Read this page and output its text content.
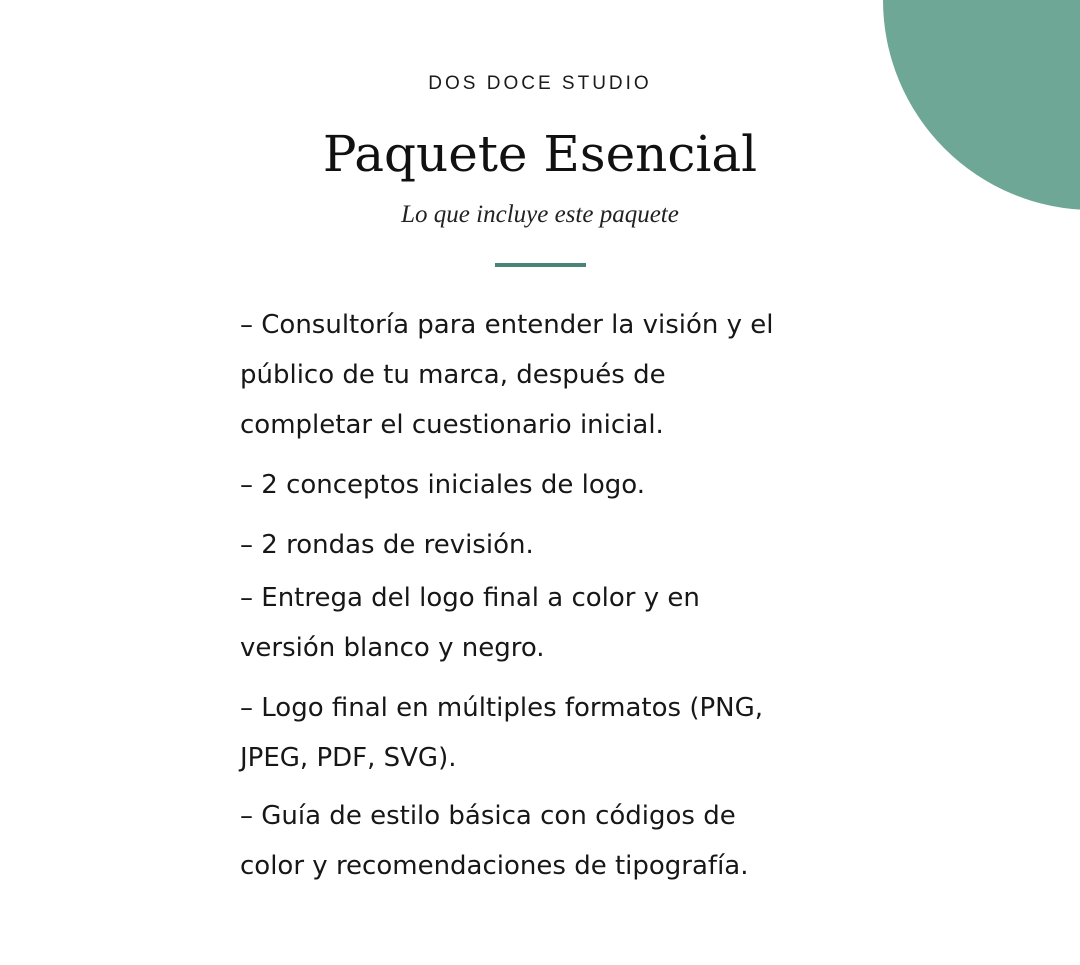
DOS DOCE STUDIO
Paquete Esencial
Lo que incluye este paquete

– Consultoría para entender la visión y el
público de tu marca, después de
completar el cuestionario inicial.

– 2 conceptos iniciales de logo.

– 2 rondas de revisión.

– Entrega del logo final a color y en
versión blanco y negro.

– Logo final en múltiples formatos (PNG,
JPEG, PDF, SVG).

– Guía de estilo básica con códigos de
color y recomendaciones de tipografía.
